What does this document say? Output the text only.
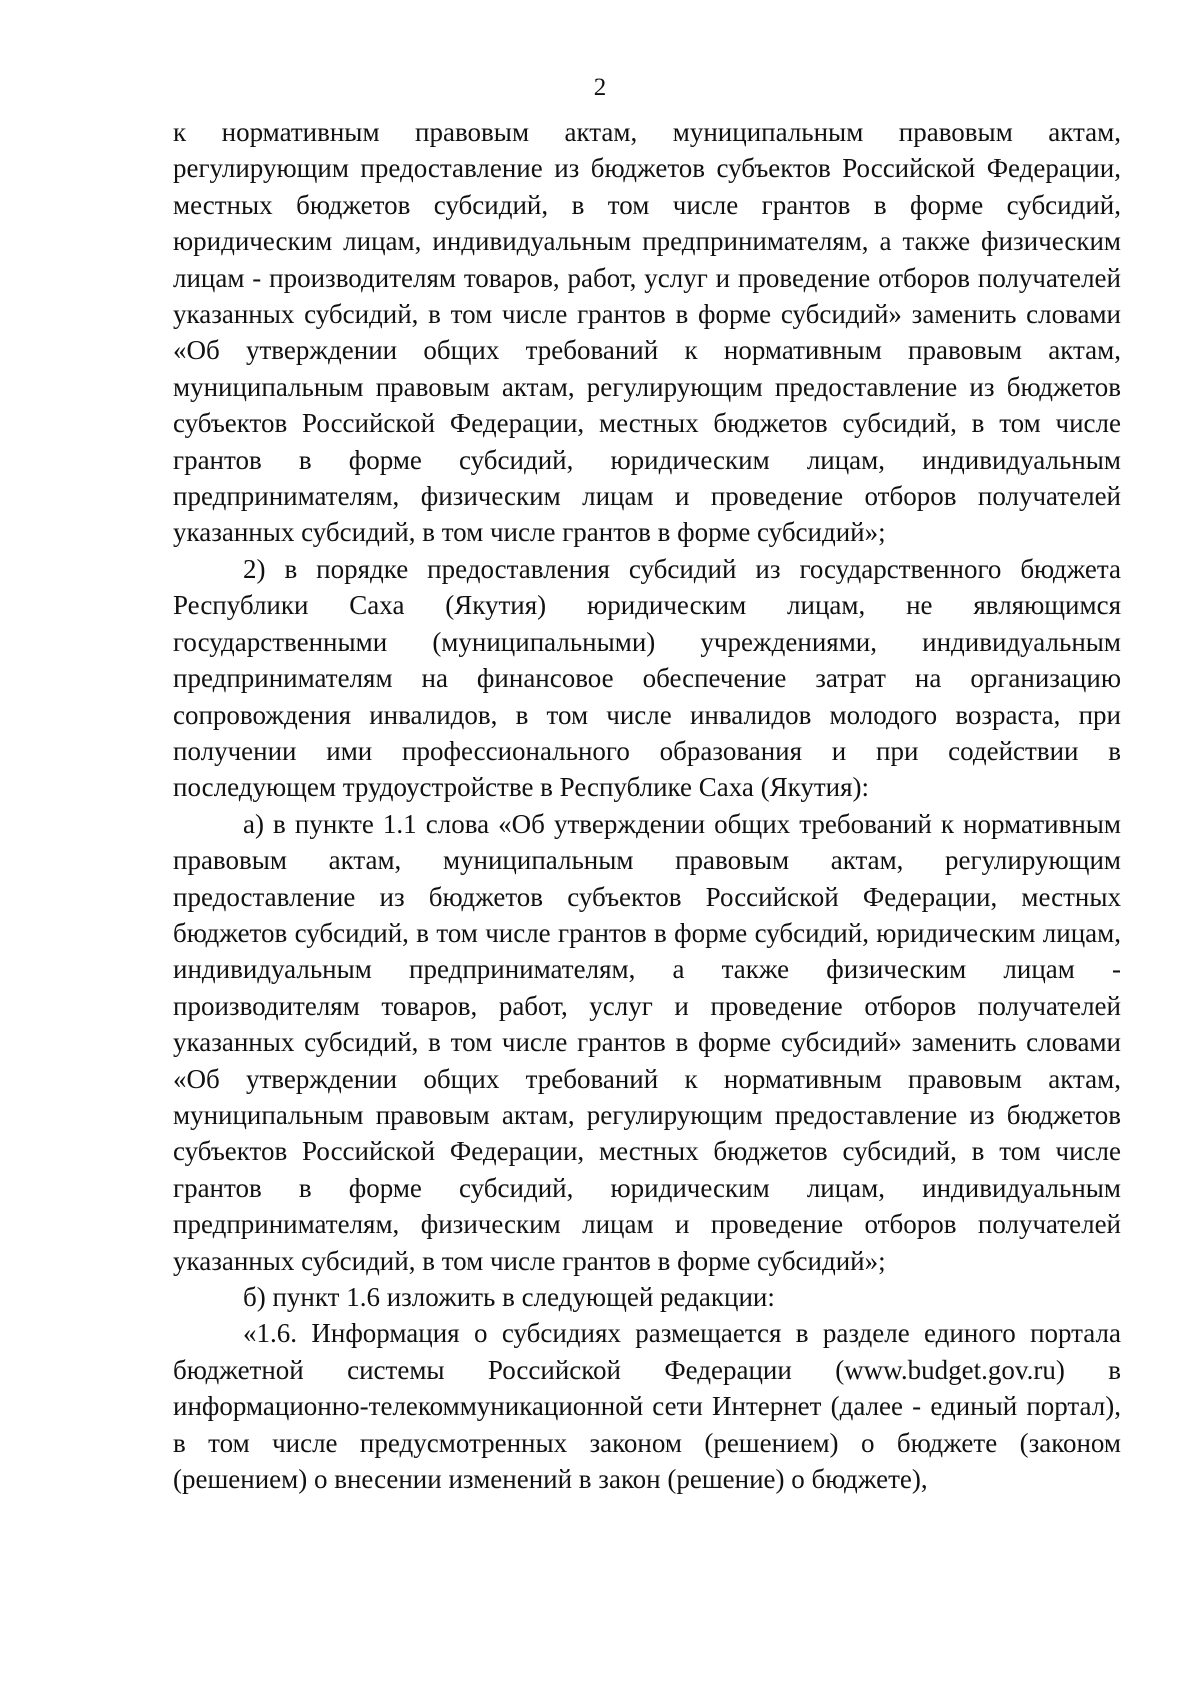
2

к нормативным правовым актам, муниципальным правовым актам, регулирующим предоставление из бюджетов субъектов Российской Федерации, местных бюджетов субсидий, в том числе грантов в форме субсидий, юридическим лицам, индивидуальным предпринимателям, а также физическим лицам - производителям товаров, работ, услуг и проведение отборов получателей указанных субсидий, в том числе грантов в форме субсидий» заменить словами «Об утверждении общих требований к нормативным правовым актам, муниципальным правовым актам, регулирующим предоставление из бюджетов субъектов Российской Федерации, местных бюджетов субсидий, в том числе грантов в форме субсидий, юридическим лицам, индивидуальным предпринимателям, физическим лицам и проведение отборов получателей указанных субсидий, в том числе грантов в форме субсидий»;

2) в порядке предоставления субсидий из государственного бюджета Республики Саха (Якутия) юридическим лицам, не являющимся государственными (муниципальными) учреждениями, индивидуальным предпринимателям на финансовое обеспечение затрат на организацию сопровождения инвалидов, в том числе инвалидов молодого возраста, при получении ими профессионального образования и при содействии в последующем трудоустройстве в Республике Саха (Якутия):

а) в пункте 1.1 слова «Об утверждении общих требований к нормативным правовым актам, муниципальным правовым актам, регулирующим предоставление из бюджетов субъектов Российской Федерации, местных бюджетов субсидий, в том числе грантов в форме субсидий, юридическим лицам, индивидуальным предпринимателям, а также физическим лицам - производителям товаров, работ, услуг и проведение отборов получателей указанных субсидий, в том числе грантов в форме субсидий» заменить словами «Об утверждении общих требований к нормативным правовым актам, муниципальным правовым актам, регулирующим предоставление из бюджетов субъектов Российской Федерации, местных бюджетов субсидий, в том числе грантов в форме субсидий, юридическим лицам, индивидуальным предпринимателям, физическим лицам и проведение отборов получателей указанных субсидий, в том числе грантов в форме субсидий»;

б) пункт 1.6 изложить в следующей редакции:

«1.6. Информация о субсидиях размещается в разделе единого портала бюджетной системы Российской Федерации (www.budget.gov.ru) в информационно-телекоммуникационной сети Интернет (далее - единый портал), в том числе предусмотренных законом (решением) о бюджете (законом (решением) о внесении изменений в закон (решение) о бюджете),
